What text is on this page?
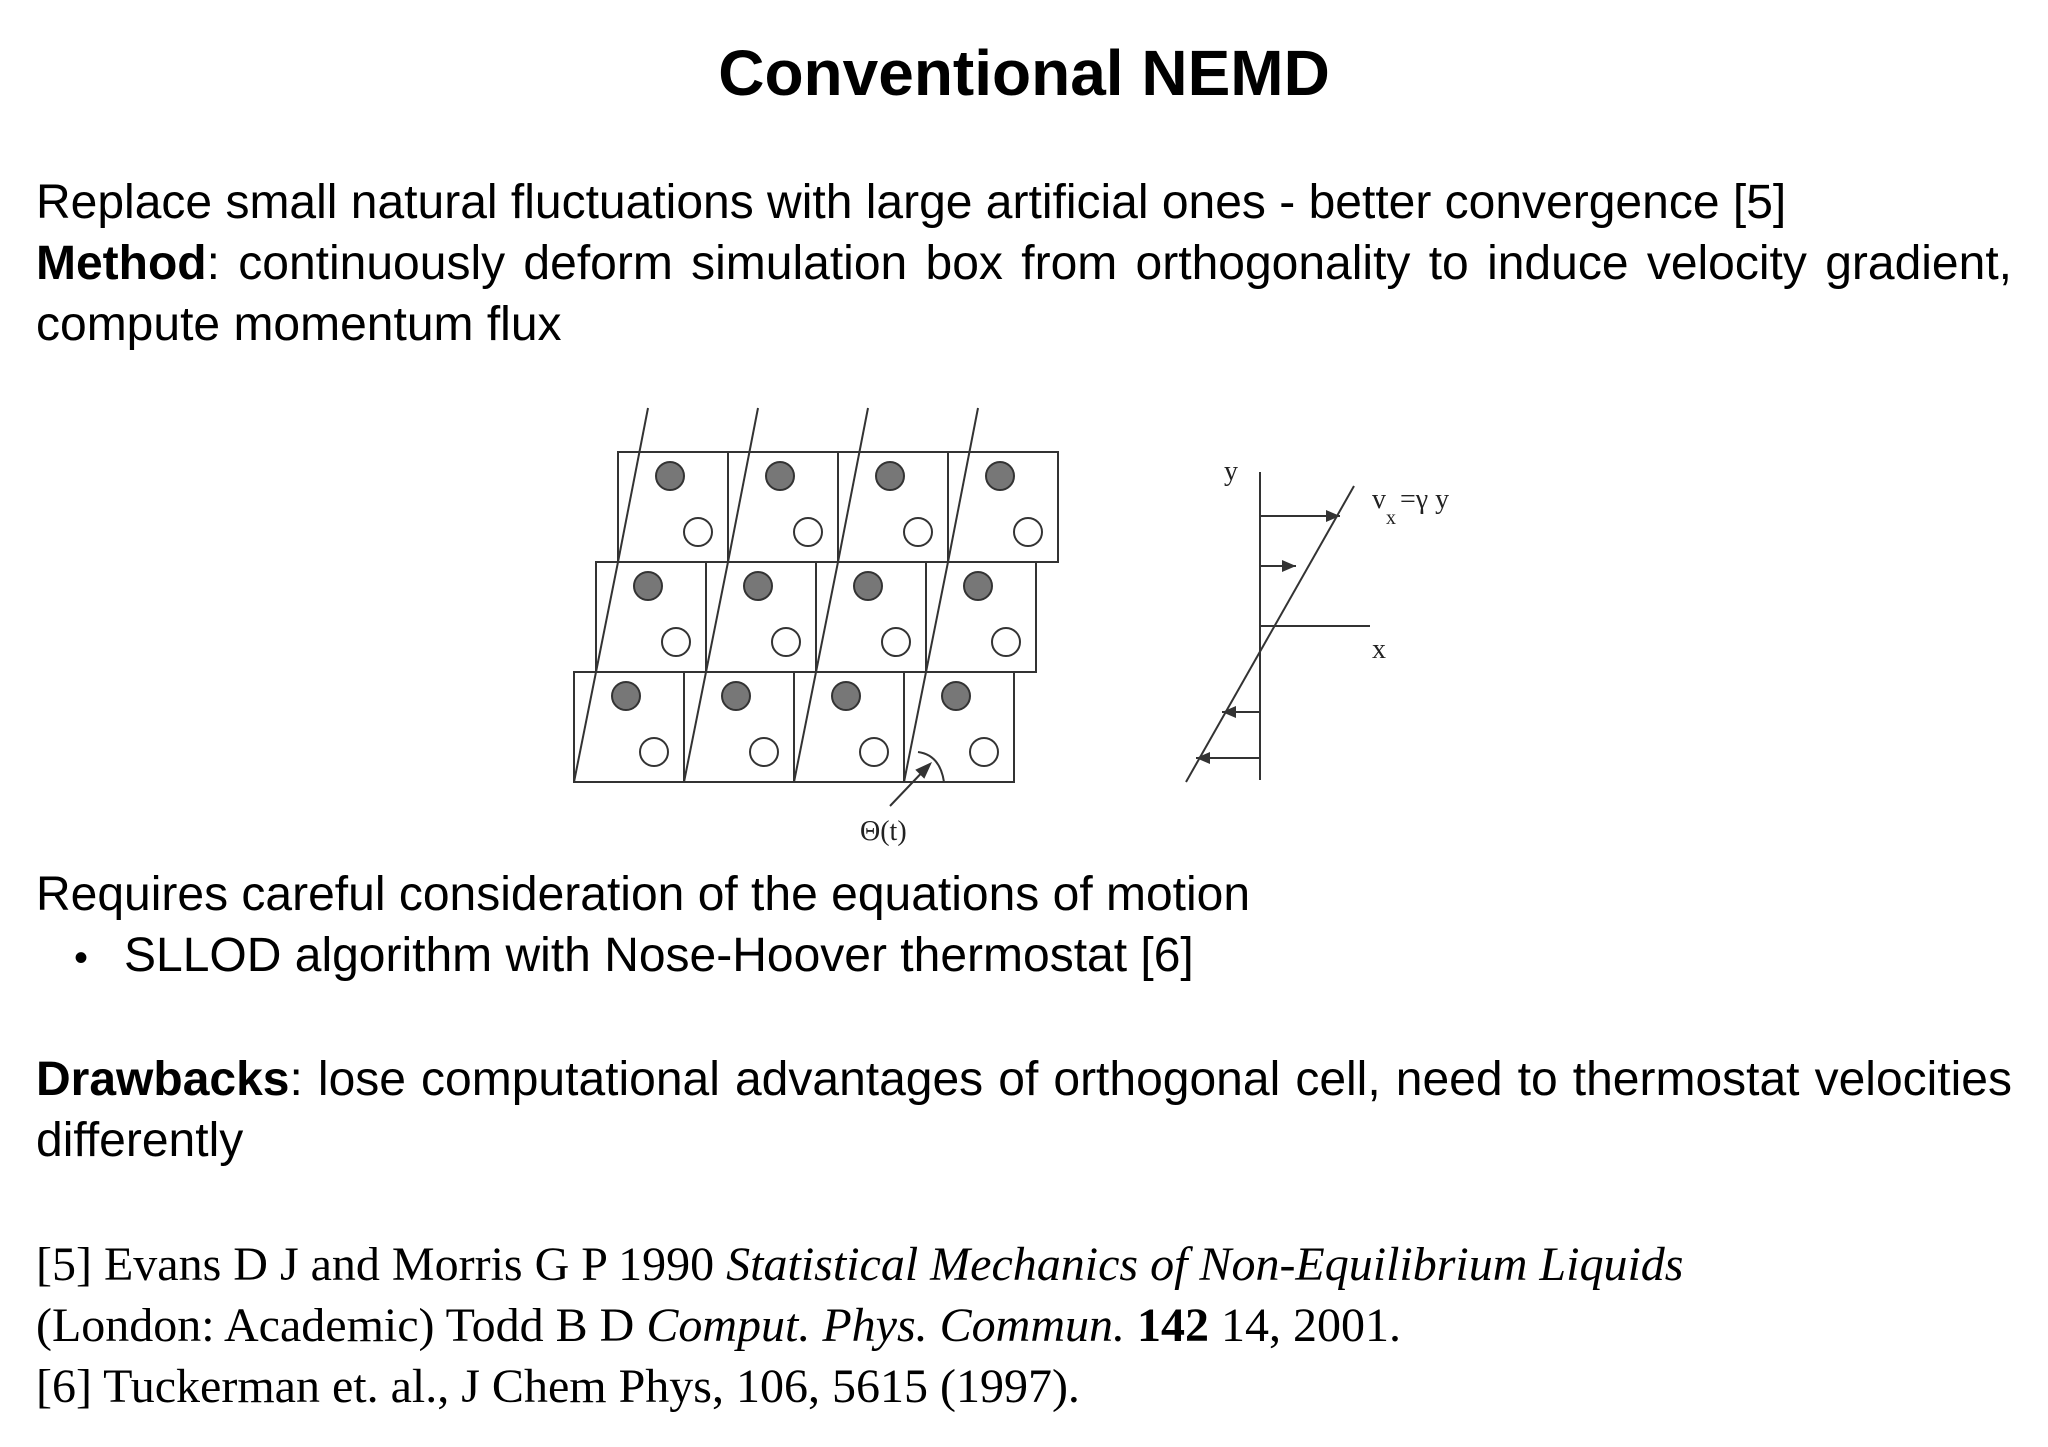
Conventional NEMD
Replace small natural fluctuations with large artificial ones - better convergence [5]
Method: continuously deform simulation box from orthogonality to induce velocity gradient, compute momentum flux
Θ(t)
y
x
v
x
=γ y
Requires careful consideration of the equations of motion
• SLLOD algorithm with Nose-Hoover thermostat [6]
Drawbacks: lose computational advantages of orthogonal cell, need to thermostat velocities differently
[5] Evans D J and Morris G P 1990 Statistical Mechanics of Non-Equilibrium Liquids
(London: Academic) Todd B D Comput. Phys. Commun. 142 14, 2001.
[6] Tuckerman et. al., J Chem Phys, 106, 5615 (1997).
